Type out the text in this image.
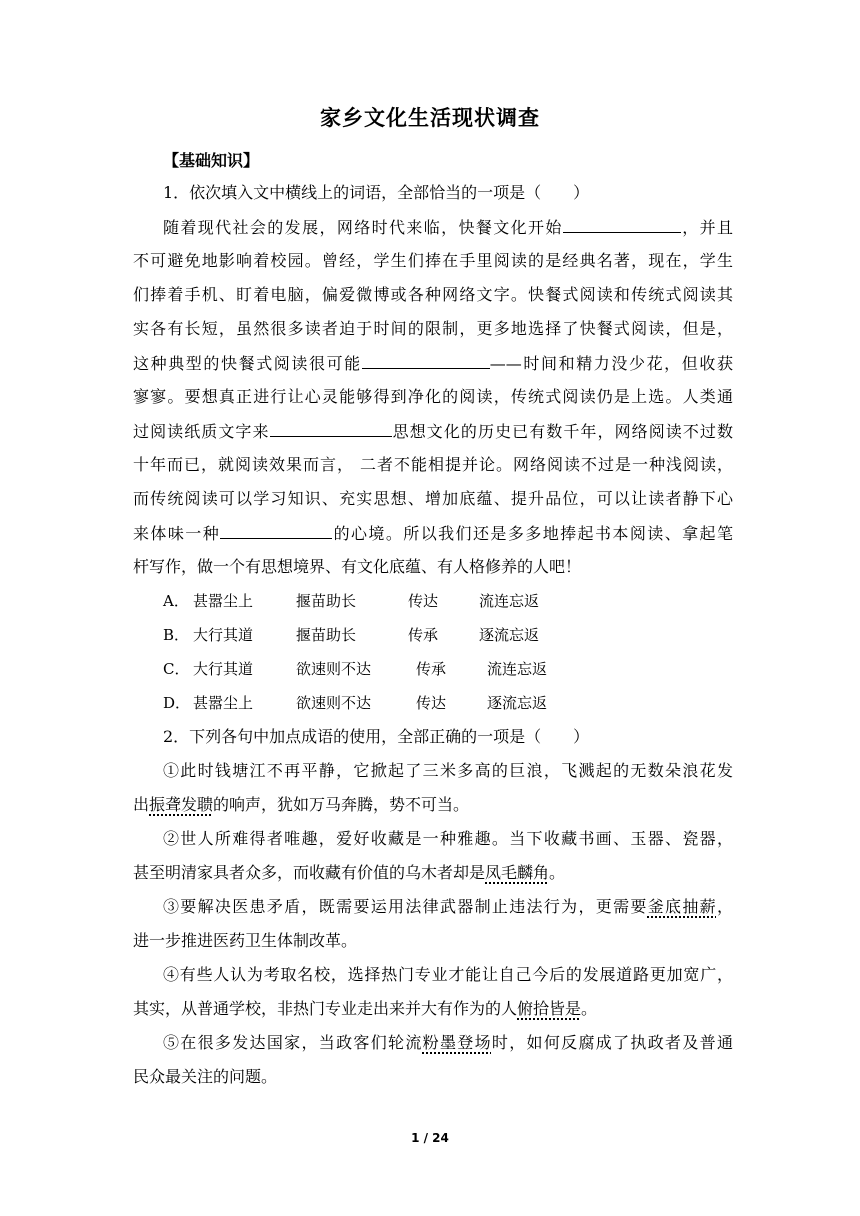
家乡文化生活现状调查
【基础知识】
1．依次填入文中横线上的词语，全部恰当的一项是（　　）
随着现代社会的发展，网络时代来临，快餐文化开始	，并且
不可避免地影响着校园。曾经，学生们捧在手里阅读的是经典名著，现在，学生
们捧着手机、盯着电脑，偏爱微博或各种网络文字。快餐式阅读和传统式阅读其
实各有长短，虽然很多读者迫于时间的限制，更多地选择了快餐式阅读，但是，
这种典型的快餐式阅读很可能	——时间和精力没少花，但收获
寥寥。要想真正进行让心灵能够得到净化的阅读，传统式阅读仍是上选。人类通
过阅读纸质文字来	思想文化的历史已有数千年，网络阅读不过数
十年而已，就阅读效果而言， 二者不能相提并论。网络阅读不过是一种浅阅读，
而传统阅读可以学习知识、充实思想、增加底蕴、提升品位，可以让读者静下心
来体味一种	的心境。所以我们还是多多地捧起书本阅读、拿起笔
杆写作，做一个有思想境界、有文化底蕴、有人格修养的人吧！
A． 甚嚣尘上	揠苗助长	传达	流连忘返
B． 大行其道	揠苗助长	传承	逐流忘返
C． 大行其道	欲速则不达	传承	流连忘返
D． 甚嚣尘上	欲速则不达	传达	逐流忘返
2．下列各句中加点成语的使用，全部正确的一项是（　　）
①此时钱塘江不再平静，它掀起了三米多高的巨浪，飞溅起的无数朵浪花发
出振聋发聩的响声，犹如万马奔腾，势不可当。
②世人所难得者唯趣，爱好收藏是一种雅趣。当下收藏书画、玉器、瓷器，
甚至明清家具者众多，而收藏有价值的乌木者却是凤毛麟角。
③要解决医患矛盾，既需要运用法律武器制止违法行为，更需要釜底抽薪，
进一步推进医药卫生体制改革。
④有些人认为考取名校，选择热门专业才能让自己今后的发展道路更加宽广，
其实，从普通学校，非热门专业走出来并大有作为的人俯拾皆是。
⑤在很多发达国家，当政客们轮流粉墨登场时，如何反腐成了执政者及普通
民众最关注的问题。
1 / 24
